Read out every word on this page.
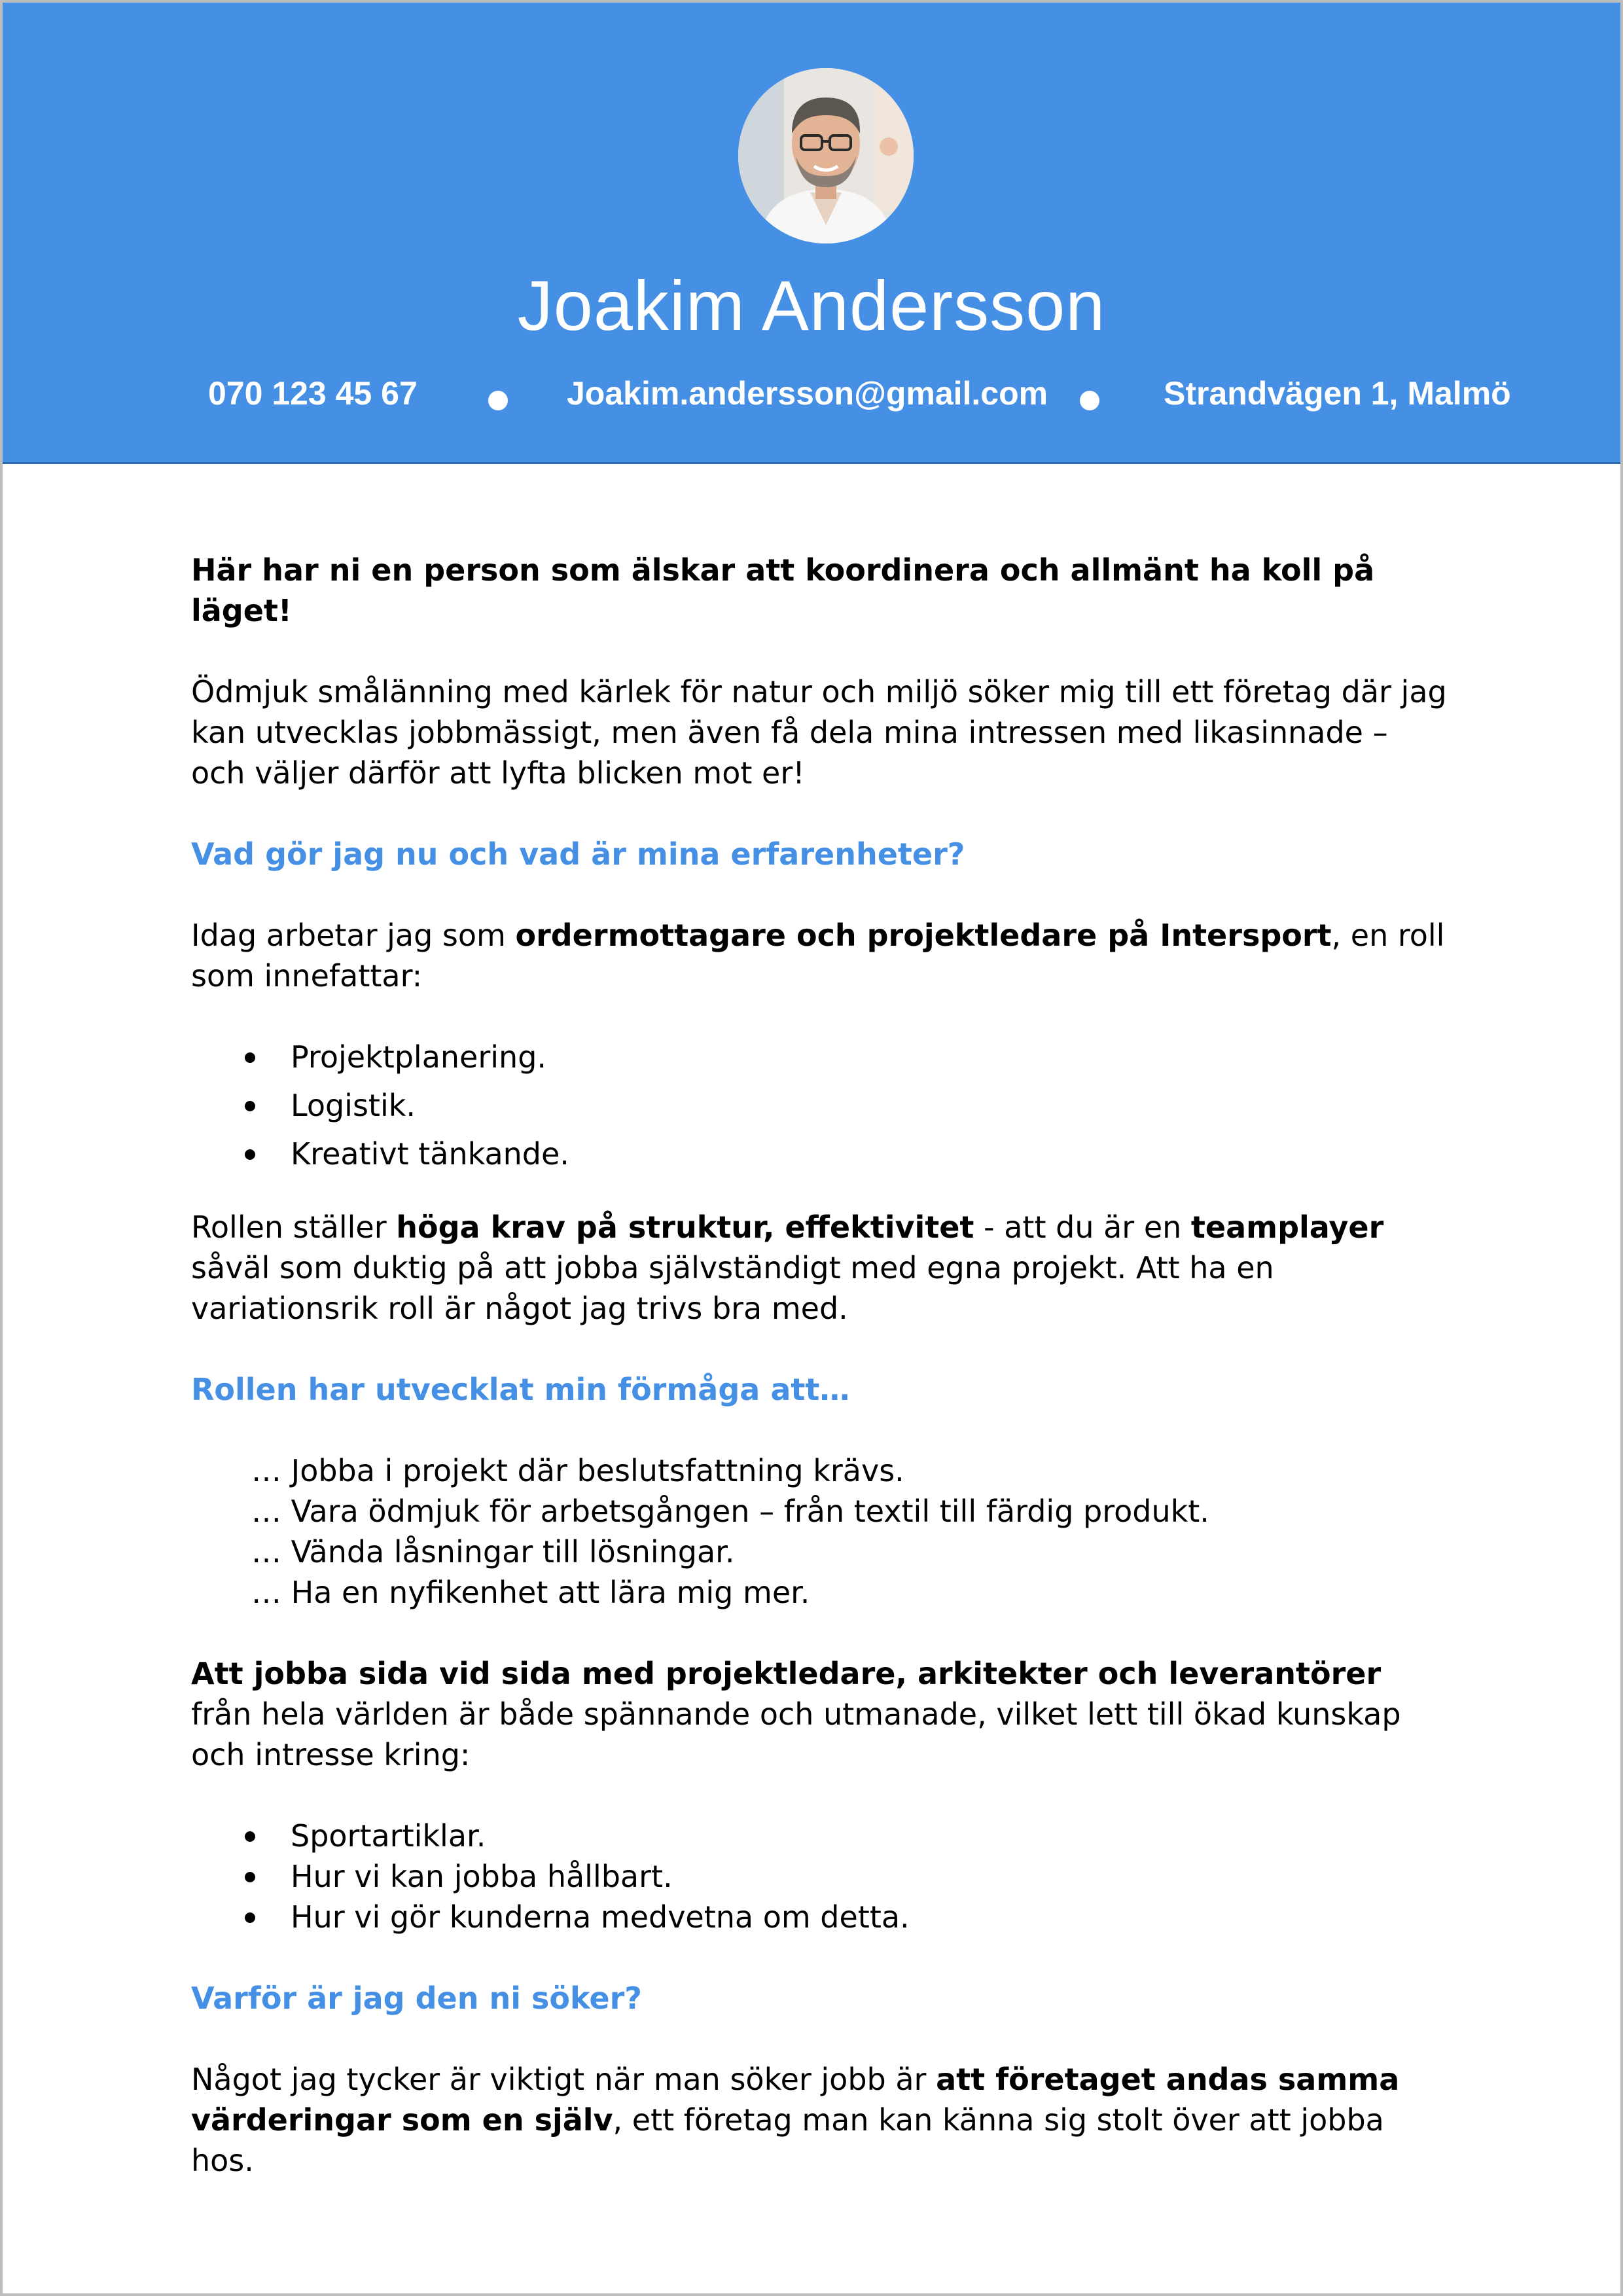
Joakim Andersson
070 123 45 67	Joakim.andersson@gmail.com	Strandvägen 1, Malmö

Här har ni en person som älskar att koordinera och allmänt ha koll på läget!

Ödmjuk smålänning med kärlek för natur och miljö söker mig till ett företag där jag kan utvecklas jobbmässigt, men även få dela mina intressen med likasinnade – och väljer därför att lyfta blicken mot er!

Vad gör jag nu och vad är mina erfarenheter?

Idag arbetar jag som ordermottagare och projektledare på Intersport, en roll som innefattar:

Projektplanering.
Logistik.
Kreativt tänkande.

Rollen ställer höga krav på struktur, effektivitet - att du är en teamplayer såväl som duktig på att jobba självständigt med egna projekt. Att ha en variationsrik roll är något jag trivs bra med.

Rollen har utvecklat min förmåga att…

… Jobba i projekt där beslutsfattning krävs.

… Vara ödmjuk för arbetsgången – från textil till färdig produkt.

… Vända låsningar till lösningar.

… Ha en nyfikenhet att lära mig mer.

Att jobba sida vid sida med projektledare, arkitekter och leverantörer från hela världen är både spännande och utmanade, vilket lett till ökad kunskap och intresse kring:

Sportartiklar.
Hur vi kan jobba hållbart.
Hur vi gör kunderna medvetna om detta.

Varför är jag den ni söker?

Något jag tycker är viktigt när man söker jobb är att företaget andas samma värderingar som en själv, ett företag man kan känna sig stolt över att jobba hos.
